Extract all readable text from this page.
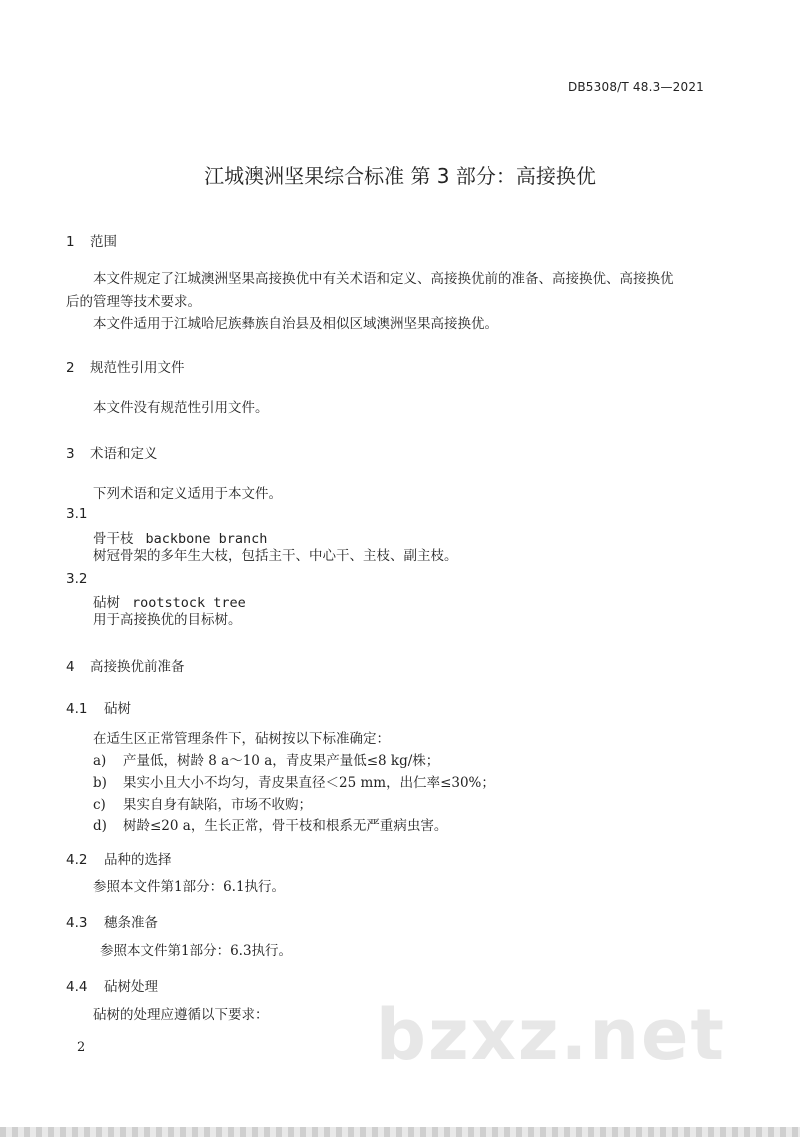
DB5308/T 48.3—2021
江城澳洲坚果综合标准 第 3 部分：高接换优
1 范围
本文件规定了江城澳洲坚果高接换优中有关术语和定义、高接换优前的准备、高接换优、高接换优
后的管理等技术要求。
本文件适用于江城哈尼族彝族自治县及相似区域澳洲坚果高接换优。
2 规范性引用文件
本文件没有规范性引用文件。
3 术语和定义
下列术语和定义适用于本文件。
3.1
骨干枝 backbone branch
树冠骨架的多年生大枝，包括主干、中心干、主枝、副主枝。
3.2
砧树 rootstock tree
用于高接换优的目标树。
4 高接换优前准备
4.1 砧树
在适生区正常管理条件下，砧树按以下标准确定：
a) 产量低，树龄 8 a～10 a，青皮果产量低≤8 kg/株；
b) 果实小且大小不均匀，青皮果直径＜25 mm，出仁率≤30%；
c) 果实自身有缺陷，市场不收购；
d) 树龄≤20 a，生长正常，骨干枝和根系无严重病虫害。
4.2 品种的选择
参照本文件第1部分：6.1执行。
4.3 穗条准备
参照本文件第1部分：6.3执行。
4.4 砧树处理
砧树的处理应遵循以下要求： bzxz.net
2
